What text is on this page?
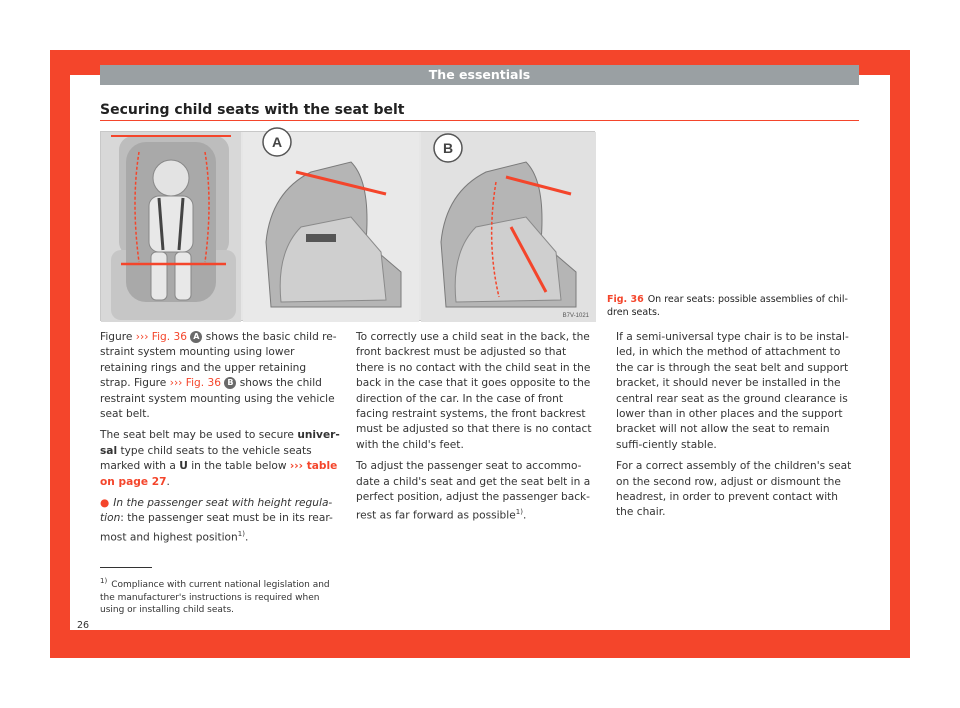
The essentials
Securing child seats with the seat belt
A	B
B7V-1021
Fig. 36 On rear seats: possible assemblies of chil-dren seats.

Figure ››› Fig. 36 A shows the basic child re-straint system mounting using lower retaining rings and the upper retaining strap. Figure ››› Fig. 36 B shows the child restraint system mounting using the vehicle seat belt.

The seat belt may be used to secure univer-sal type child seats to the vehicle seats marked with a U in the table below ››› table on page 27.

● In the passenger seat with height regula-tion: the passenger seat must be in its rear-most and highest position$^{1)}$.

To correctly use a child seat in the back, the front backrest must be adjusted so that there is no contact with the child seat in the back in the case that it goes opposite to the direction of the car. In the case of front facing restraint systems, the front backrest must be adjusted so that there is no contact with the child's feet.

To adjust the passenger seat to accommo-date a child's seat and get the seat belt in a perfect position, adjust the passenger back-rest as far forward as possible$^{1)}$.

If a semi-universal type chair is to be instal-led, in which the method of attachment to the car is through the seat belt and support bracket, it should never be installed in the central rear seat as the ground clearance is lower than in other places and the support bracket will not allow the seat to remain suffi-ciently stable.

For a correct assembly of the children's seat on the second row, adjust or dismount the headrest, in order to prevent contact with the chair.

$^{1)}$ Compliance with current national legislation and the manufacturer's instructions is required when using or installing child seats.
26
